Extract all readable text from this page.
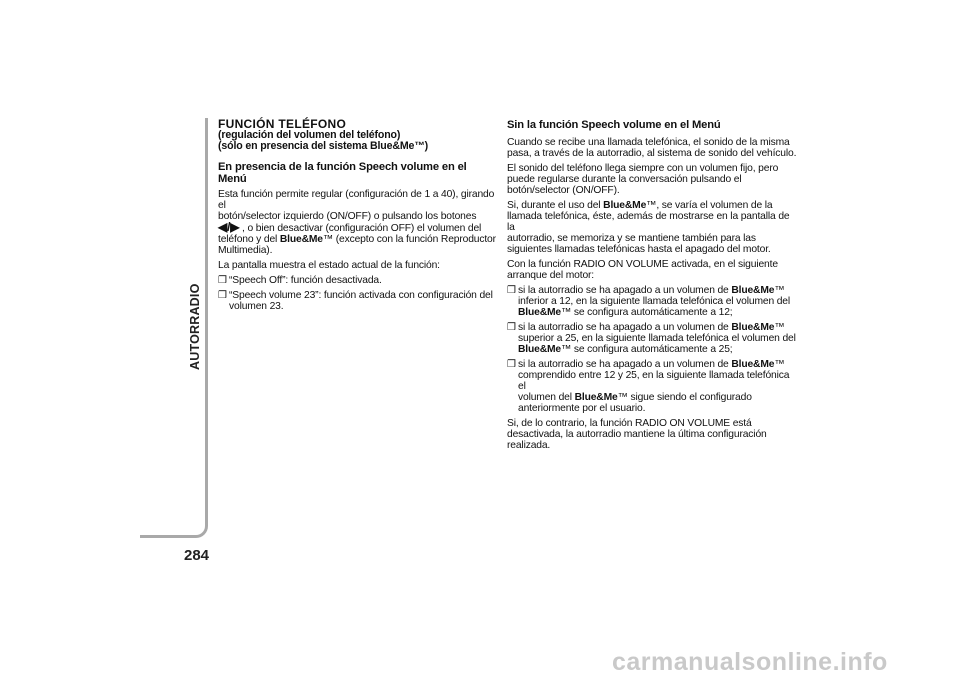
AUTORRADIO
284
FUNCIÓN TELÉFONO
(regulación del volumen del teléfono)
(sólo en presencia del sistema Blue&Me™)
En presencia de la función Speech volume en el Menú

Esta función permite regular (configuración de 1 a 40), girando el
botón/selector izquierdo (ON/OFF) o pulsando los botones
◀/▶ , o bien desactivar (configuración OFF) el volumen del
teléfono y del Blue&Me™ (excepto con la función Reproductor
Multimedia).

La pantalla muestra el estado actual de la función:

❒ “Speech Off”: función desactivada.
❒ “Speech volume 23”: función activada con configuración del
volumen 23.
Sin la función Speech volume en el Menú

Cuando se recibe una llamada telefónica, el sonido de la misma
pasa, a través de la autorradio, al sistema de sonido del vehículo.

El sonido del teléfono llega siempre con un volumen fijo, pero
puede regularse durante la conversación pulsando el
botón/selector (ON/OFF).

Si, durante el uso del Blue&Me™, se varía el volumen de la
llamada telefónica, éste, además de mostrarse en la pantalla de la
autorradio, se memoriza y se mantiene también para las
siguientes llamadas telefónicas hasta el apagado del motor.

Con la función RADIO ON VOLUME activada, en el siguiente
arranque del motor:

❒ si la autorradio se ha apagado a un volumen de Blue&Me™
inferior a 12, en la siguiente llamada telefónica el volumen del
Blue&Me™ se configura automáticamente a 12;
❒ si la autorradio se ha apagado a un volumen de Blue&Me™
superior a 25, en la siguiente llamada telefónica el volumen del
Blue&Me™ se configura automáticamente a 25;
❒ si la autorradio se ha apagado a un volumen de Blue&Me™
comprendido entre 12 y 25, en la siguiente llamada telefónica el
volumen del Blue&Me™ sigue siendo el configurado
anteriormente por el usuario.

Si, de lo contrario, la función RADIO ON VOLUME está
desactivada, la autorradio mantiene la última configuración
realizada.

carmanualsonline.info
